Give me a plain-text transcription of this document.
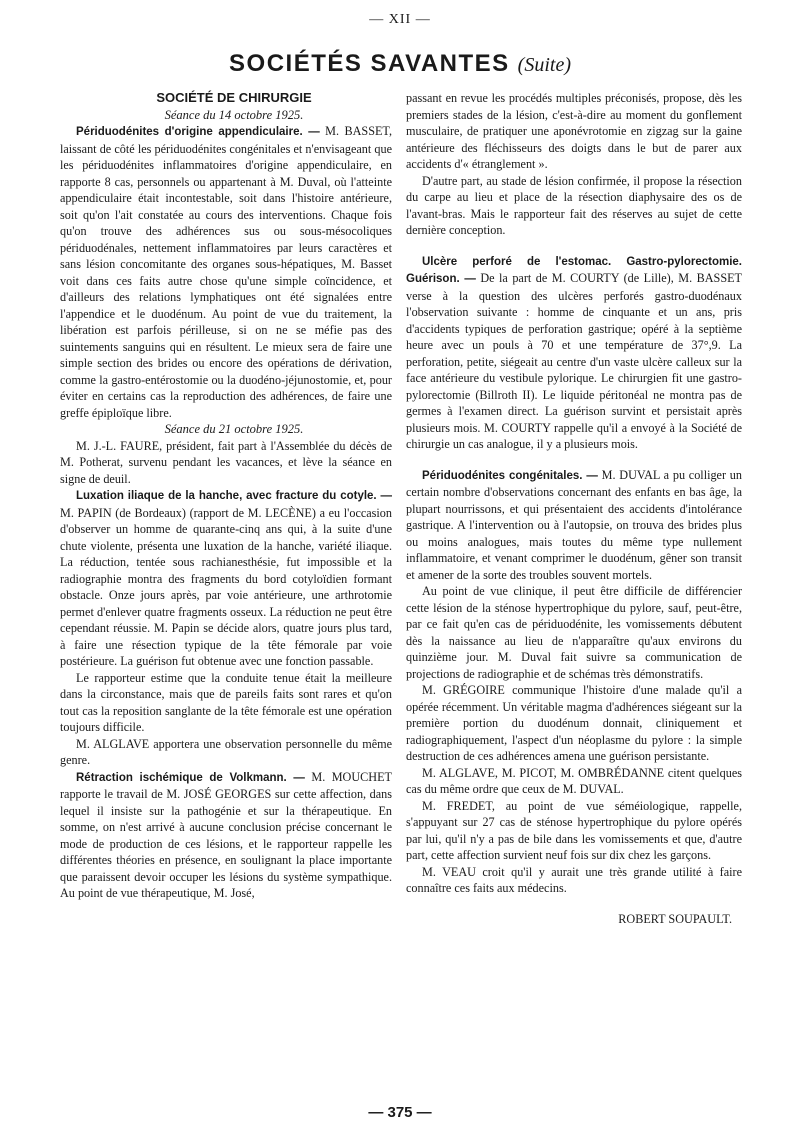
— XII —
SOCIÉTÉS SAVANTES (Suite)

SOCIÉTÉ DE CHIRURGIE

Séance du 14 octobre 1925.

Périduodénites d'origine appendiculaire. — M. BASSET, laissant de côté les périduodénites congénitales et n'envisageant que les périduodénites inflammatoires d'origine appendiculaire, en rapporte 8 cas, personnels ou appartenant à M. Duval, où l'atteinte appendiculaire était incontestable, soit dans l'histoire antérieure, soit qu'on l'ait constatée au cours des interventions. Chaque fois qu'on trouve des adhérences sus ou sous-mésocoliques périduodénales, nettement inflammatoires par leurs caractères et sans lésion concomitante des organes sous-hépatiques, M. Basset voit dans ces faits autre chose qu'une simple coïncidence, et d'ailleurs des relations lymphatiques ont été signalées entre l'appendice et le duodénum. Au point de vue du traitement, la libération est parfois périlleuse, si on ne se méfie pas des suintements sanguins qui en résultent. Le mieux sera de faire une simple section des brides ou encore des opérations de dérivation, comme la gastro-entérostomie ou la duodéno-jéjunostomie, et, pour éviter en certains cas la reproduction des adhérences, de faire une greffe épiploïque libre.

Séance du 21 octobre 1925.

M. J.-L. FAURE, président, fait part à l'Assemblée du décès de M. Potherat, survenu pendant les vacances, et lève la séance en signe de deuil.

Luxation iliaque de la hanche, avec fracture du cotyle. — M. PAPIN (de Bordeaux) (rapport de M. LECÈNE) a eu l'occasion d'observer un homme de quarante-cinq ans qui, à la suite d'une chute violente, présenta une luxation de la hanche, variété iliaque. La réduction, tentée sous rachianesthésie, fut impossible et la radiographie montra des fragments du bord cotyloïdien formant obstacle. Onze jours après, par voie antérieure, une arthrotomie permet d'enlever quatre fragments osseux. La réduction ne peut être cependant réussie. M. Papin se décide alors, quatre jours plus tard, à faire une résection typique de la tête fémorale par voie postérieure. La guérison fut obtenue avec une fonction passable.

Le rapporteur estime que la conduite tenue était la meilleure dans la circonstance, mais que de pareils faits sont rares et qu'on tout cas la reposition sanglante de la tête fémorale est une opération toujours difficile.

M. ALGLAVE apportera une observation personnelle du même genre.

Rétraction ischémique de Volkmann. — M. MOUCHET rapporte le travail de M. JOSÉ GEORGES sur cette affection, dans lequel il insiste sur la pathogénie et sur la thérapeutique. En somme, on n'est arrivé à aucune conclusion précise concernant le mode de production de ces lésions, et le rapporteur rappelle les différentes théories en présence, en soulignant la place importante que paraissent devoir occuper les lésions du système sympathique. Au point de vue thérapeutique, M. José,

passant en revue les procédés multiples préconisés, propose, dès les premiers stades de la lésion, c'est-à-dire au moment du gonflement musculaire, de pratiquer une aponévrotomie en zigzag sur la gaine antérieure des fléchisseurs des doigts dans le but de parer aux accidents d'« étranglement ».

D'autre part, au stade de lésion confirmée, il propose la résection du carpe au lieu et place de la résection diaphysaire des os de l'avant-bras. Mais le rapporteur fait des réserves au sujet de cette dernière conception.

Ulcère perforé de l'estomac. Gastro-pylorectomie. Guérison. — De la part de M. COURTY (de Lille), M. BASSET verse à la question des ulcères perforés gastro-duodénaux l'observation suivante : homme de cinquante et un ans, pris d'accidents typiques de perforation gastrique; opéré à la septième heure avec un pouls à 70 et une température de 37°,9. La perforation, petite, siégeait au centre d'un vaste ulcère calleux sur la face antérieure du vestibule pylorique. Le chirurgien fit une gastro-pylorectomie (Billroth II). Le liquide péritonéal ne montra pas de germes à l'examen direct. La guérison survint et persistait après plusieurs mois. M. COURTY rappelle qu'il a envoyé à la Société de chirurgie un cas analogue, il y a plusieurs mois.

Périduodénites congénitales. — M. DUVAL a pu colliger un certain nombre d'observations concernant des enfants en bas âge, la plupart nourrissons, et qui présentaient des accidents d'intolérance gastrique. A l'intervention ou à l'autopsie, on trouva des brides plus ou moins analogues, mais toutes du même type nullement inflammatoire, et venant comprimer le duodénum, gêner son transit et amener de la sorte des troubles souvent mortels.

Au point de vue clinique, il peut être difficile de différencier cette lésion de la sténose hypertrophique du pylore, sauf, peut-être, par ce fait qu'en cas de périduodénite, les vomissements débutent dès la naissance au lieu de n'apparaître qu'aux environs du quinzième jour. M. Duval fait suivre sa communication de projections de radiographie et de schémas très démonstratifs.

M. GRÉGOIRE communique l'histoire d'une malade qu'il a opérée récemment. Un véritable magma d'adhérences siégeant sur la première portion du duodénum donnait, cliniquement et radiographiquement, l'aspect d'un néoplasme du pylore : la simple destruction de ces adhérences amena une guérison persistante.

M. ALGLAVE, M. PICOT, M. OMBRÉDANNE citent quelques cas du même ordre que ceux de M. DUVAL.

M. FREDET, au point de vue séméiologique, rappelle, s'appuyant sur 27 cas de sténose hypertrophique du pylore opérés par lui, qu'il n'y a pas de bile dans les vomissements et que, d'autre part, cette affection survient neuf fois sur dix chez les garçons.

M. VEAU croit qu'il y aurait une très grande utilité à faire connaître ces faits aux médecins.

ROBERT SOUPAULT.

— 375 —
